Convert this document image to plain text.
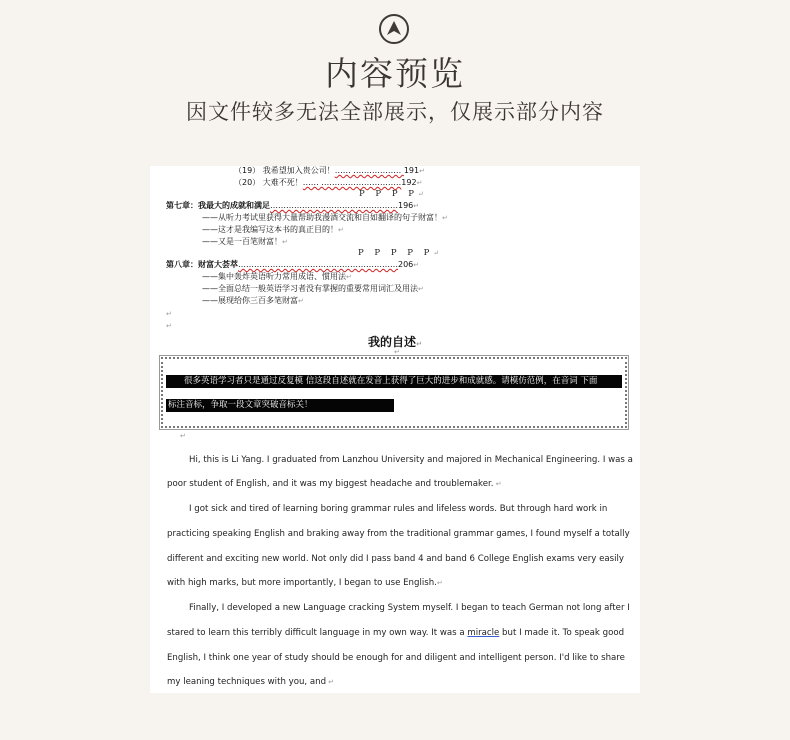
内容预览
因文件较多无法全部展示，仅展示部分内容
（19） 我希望加入贵公司！…… ……………… 191↵
（20） 大难不死！…… …………………………192↵
P P P P↵
第七章：我最大的成就和满足…………………………………………196↵
——从听力考试里获得大量帮助我漫酒交流和自如翻译的句子财富！↵
——这才是我编写这本书的真正目的！↵
——又是一百笔财富！↵
P P P P P↵
第八章：财富大荟萃……………………………………………………206↵
——集中轰炸英语听力常用成语、惯用法↵
——全面总结一般英语学习者没有掌握的重要常用词汇及用法↵
——展现给你三百多笔财富↵
↵
↵
我的自述↵
↵
很多英语学习者只是通过反复模 信这段自述就在发音上获得了巨大的进步和成就感。请模仿范例，在音词 下面
标注音标，争取一段文章突破音标关！
↵
Hi, this is Li Yang. I graduated from Lanzhou University and majored in Mechanical Engineering. I was a
poor student of English, and it was my biggest headache and troublemaker. ↵
I got sick and tired of learning boring grammar rules and lifeless words. But through hard work in
practicing speaking English and braking away from the traditional grammar games, I found myself a totally
different and exciting new world. Not only did I pass band 4 and band 6 College English exams very easily
with high marks, but more importantly, I began to use English.↵
Finally, I developed a new Language cracking System myself. I began to teach German not long after I
stared to learn this terribly difficult language in my own way. It was a miracle but I made it. To speak good
English, I think one year of study should be enough for and diligent and intelligent person. I'd like to share
my leaning techniques with you, and ↵
